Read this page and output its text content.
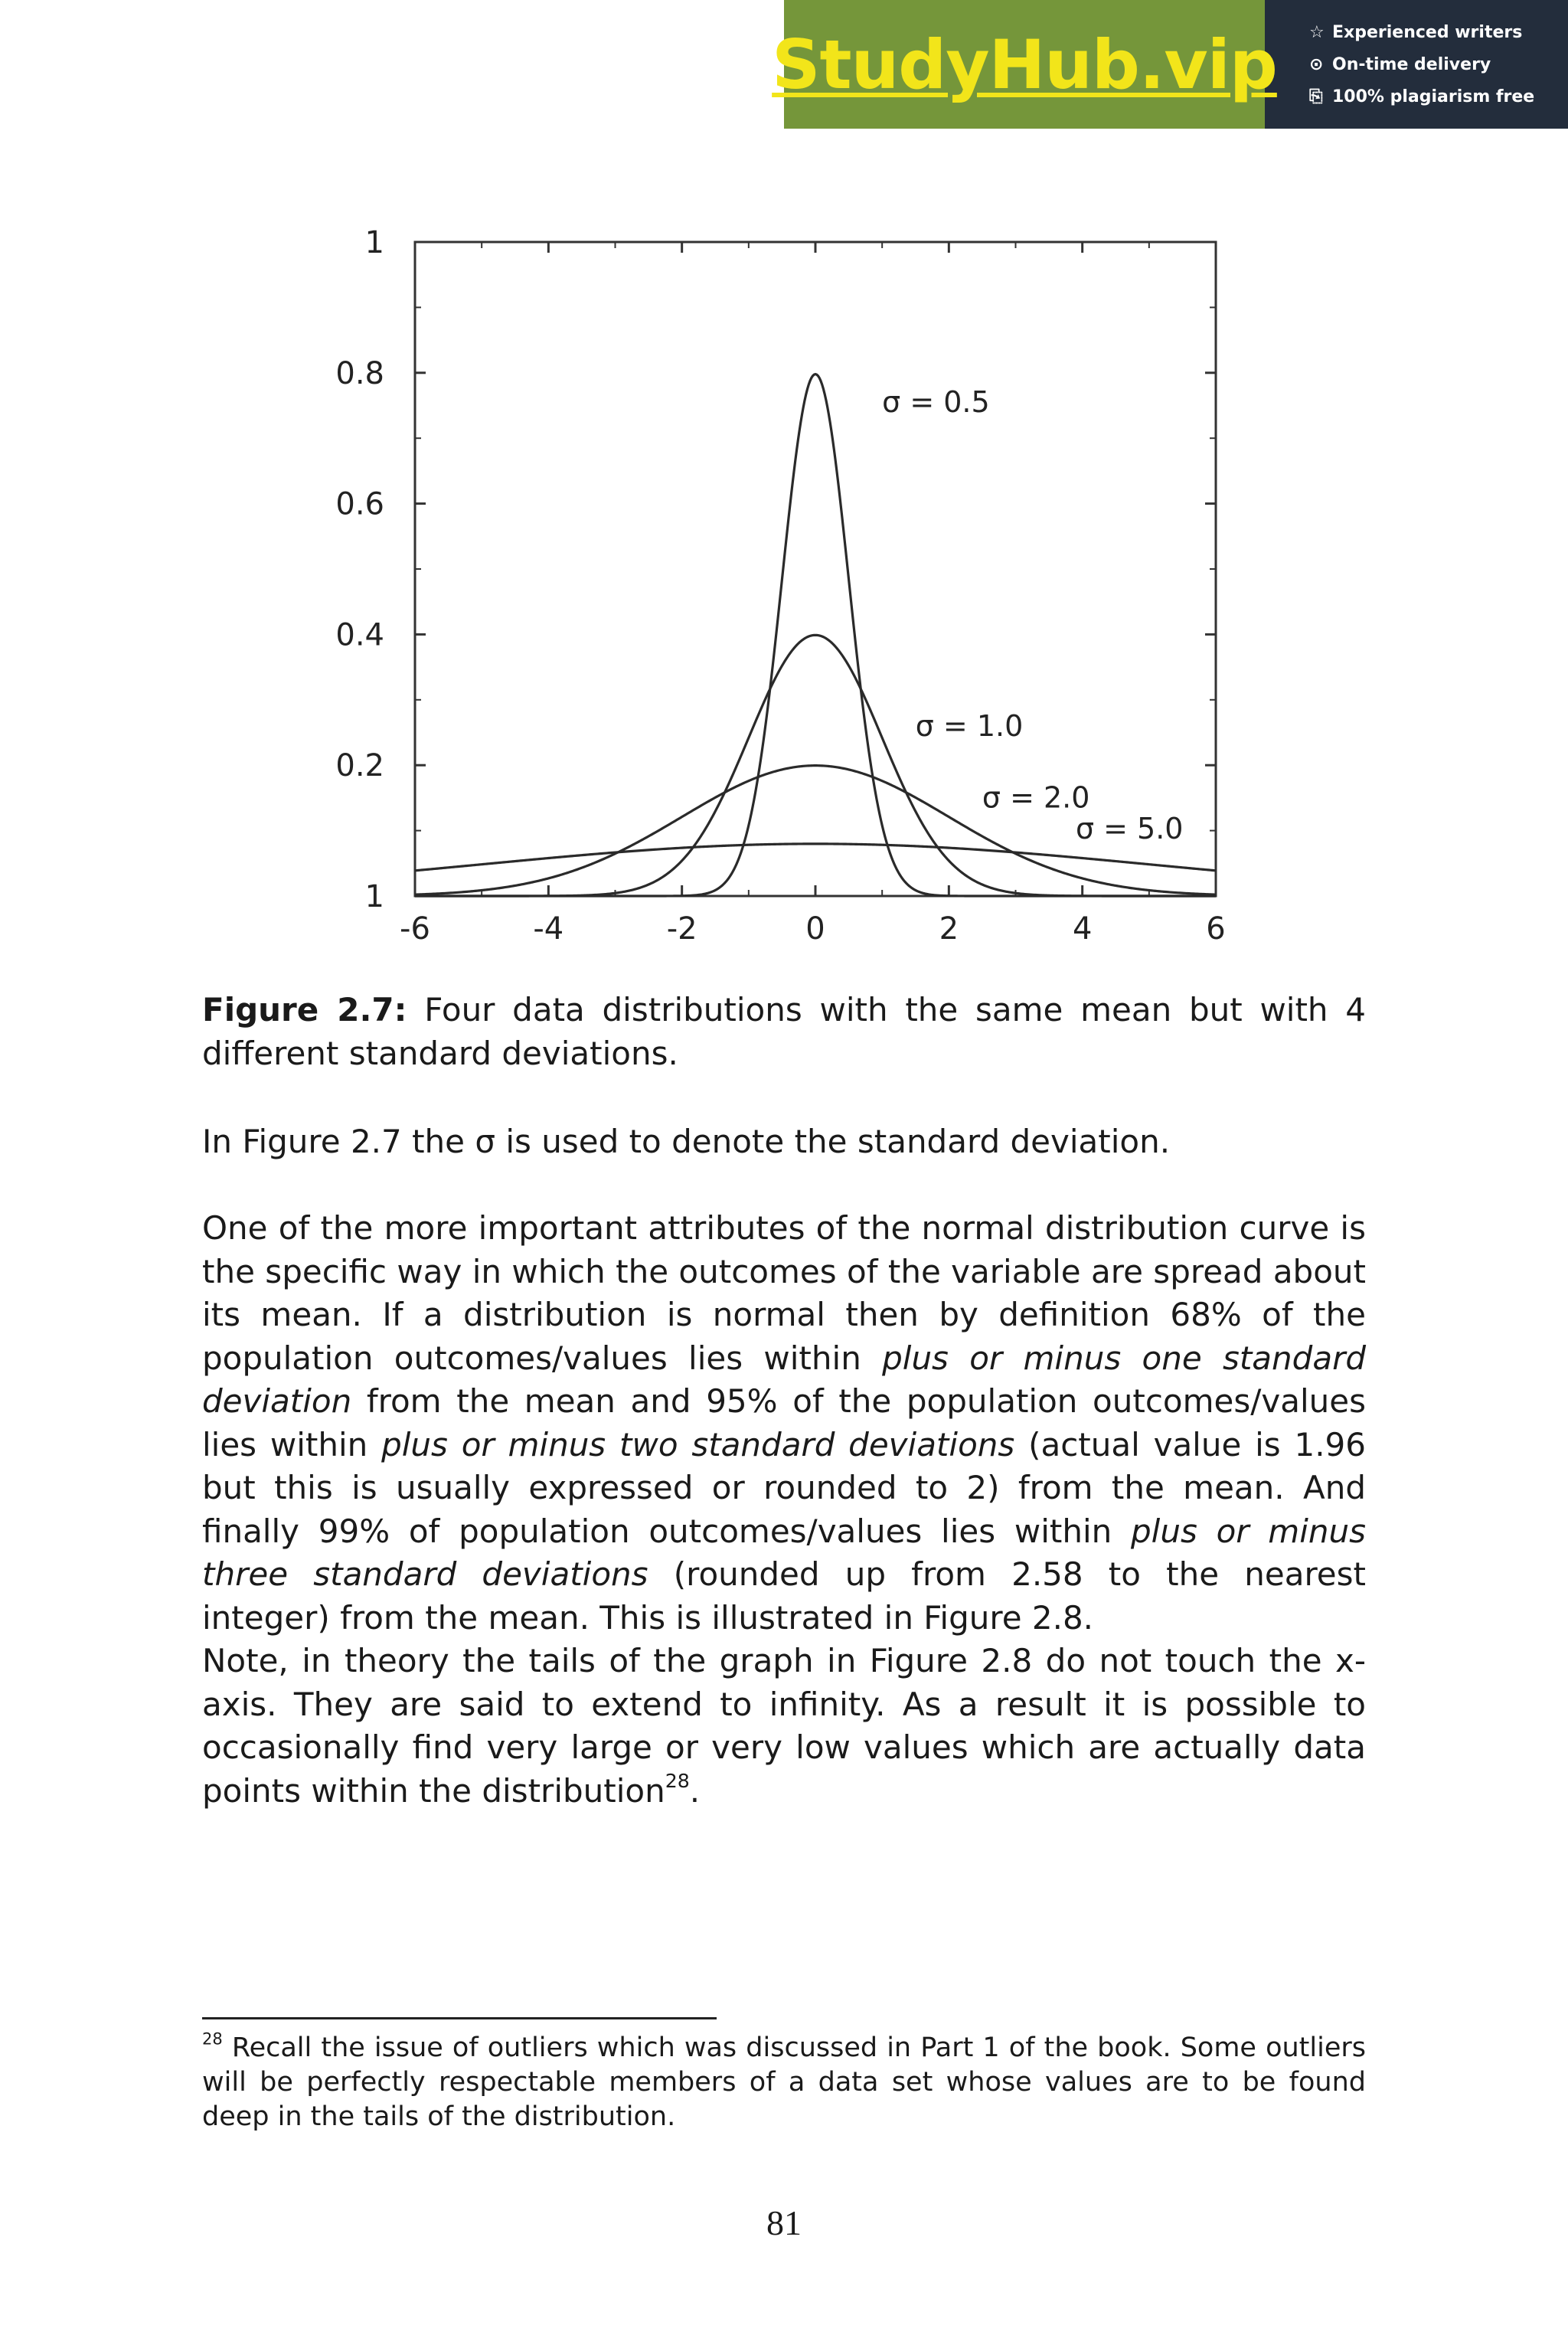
StudyHub.vip ☆ Experienced writers
⊙ On-time delivery
⎘ 100% plagiarism free
-6	-4	-2	0	2	4	6
1
0.2
0.4
0.6
0.8
1
σ = 0.5
σ = 1.0
σ = 2.0
σ = 5.0
Figure 2.7: Four data distributions with the same mean but with 4 different standard deviations.
In Figure 2.7 the σ is used to denote the standard deviation.
One of the more important attributes of the normal distribution curve is the specific way in which the outcomes of the variable are spread about its mean. If a distribution is normal then by definition 68% of the population outcomes/values lies within plus or minus one standard deviation from the mean and 95% of the population outcomes/values lies within plus or minus two standard deviations (actual value is 1.96 but this is usually expressed or rounded to 2) from the mean. And finally 99% of population outcomes/values lies within plus or minus three standard deviations (rounded up from 2.58 to the nearest integer) from the mean. This is illustrated in Figure 2.8.
Note, in theory the tails of the graph in Figure 2.8 do not touch the x-axis. They are said to extend to infinity. As a result it is possible to occasionally find very large or very low values which are actually data points within the distribution$^{28}$.
$^{28}$ Recall the issue of outliers which was discussed in Part 1 of the book. Some outliers will be perfectly respectable members of a data set whose values are to be found deep in the tails of the distribution.
81
